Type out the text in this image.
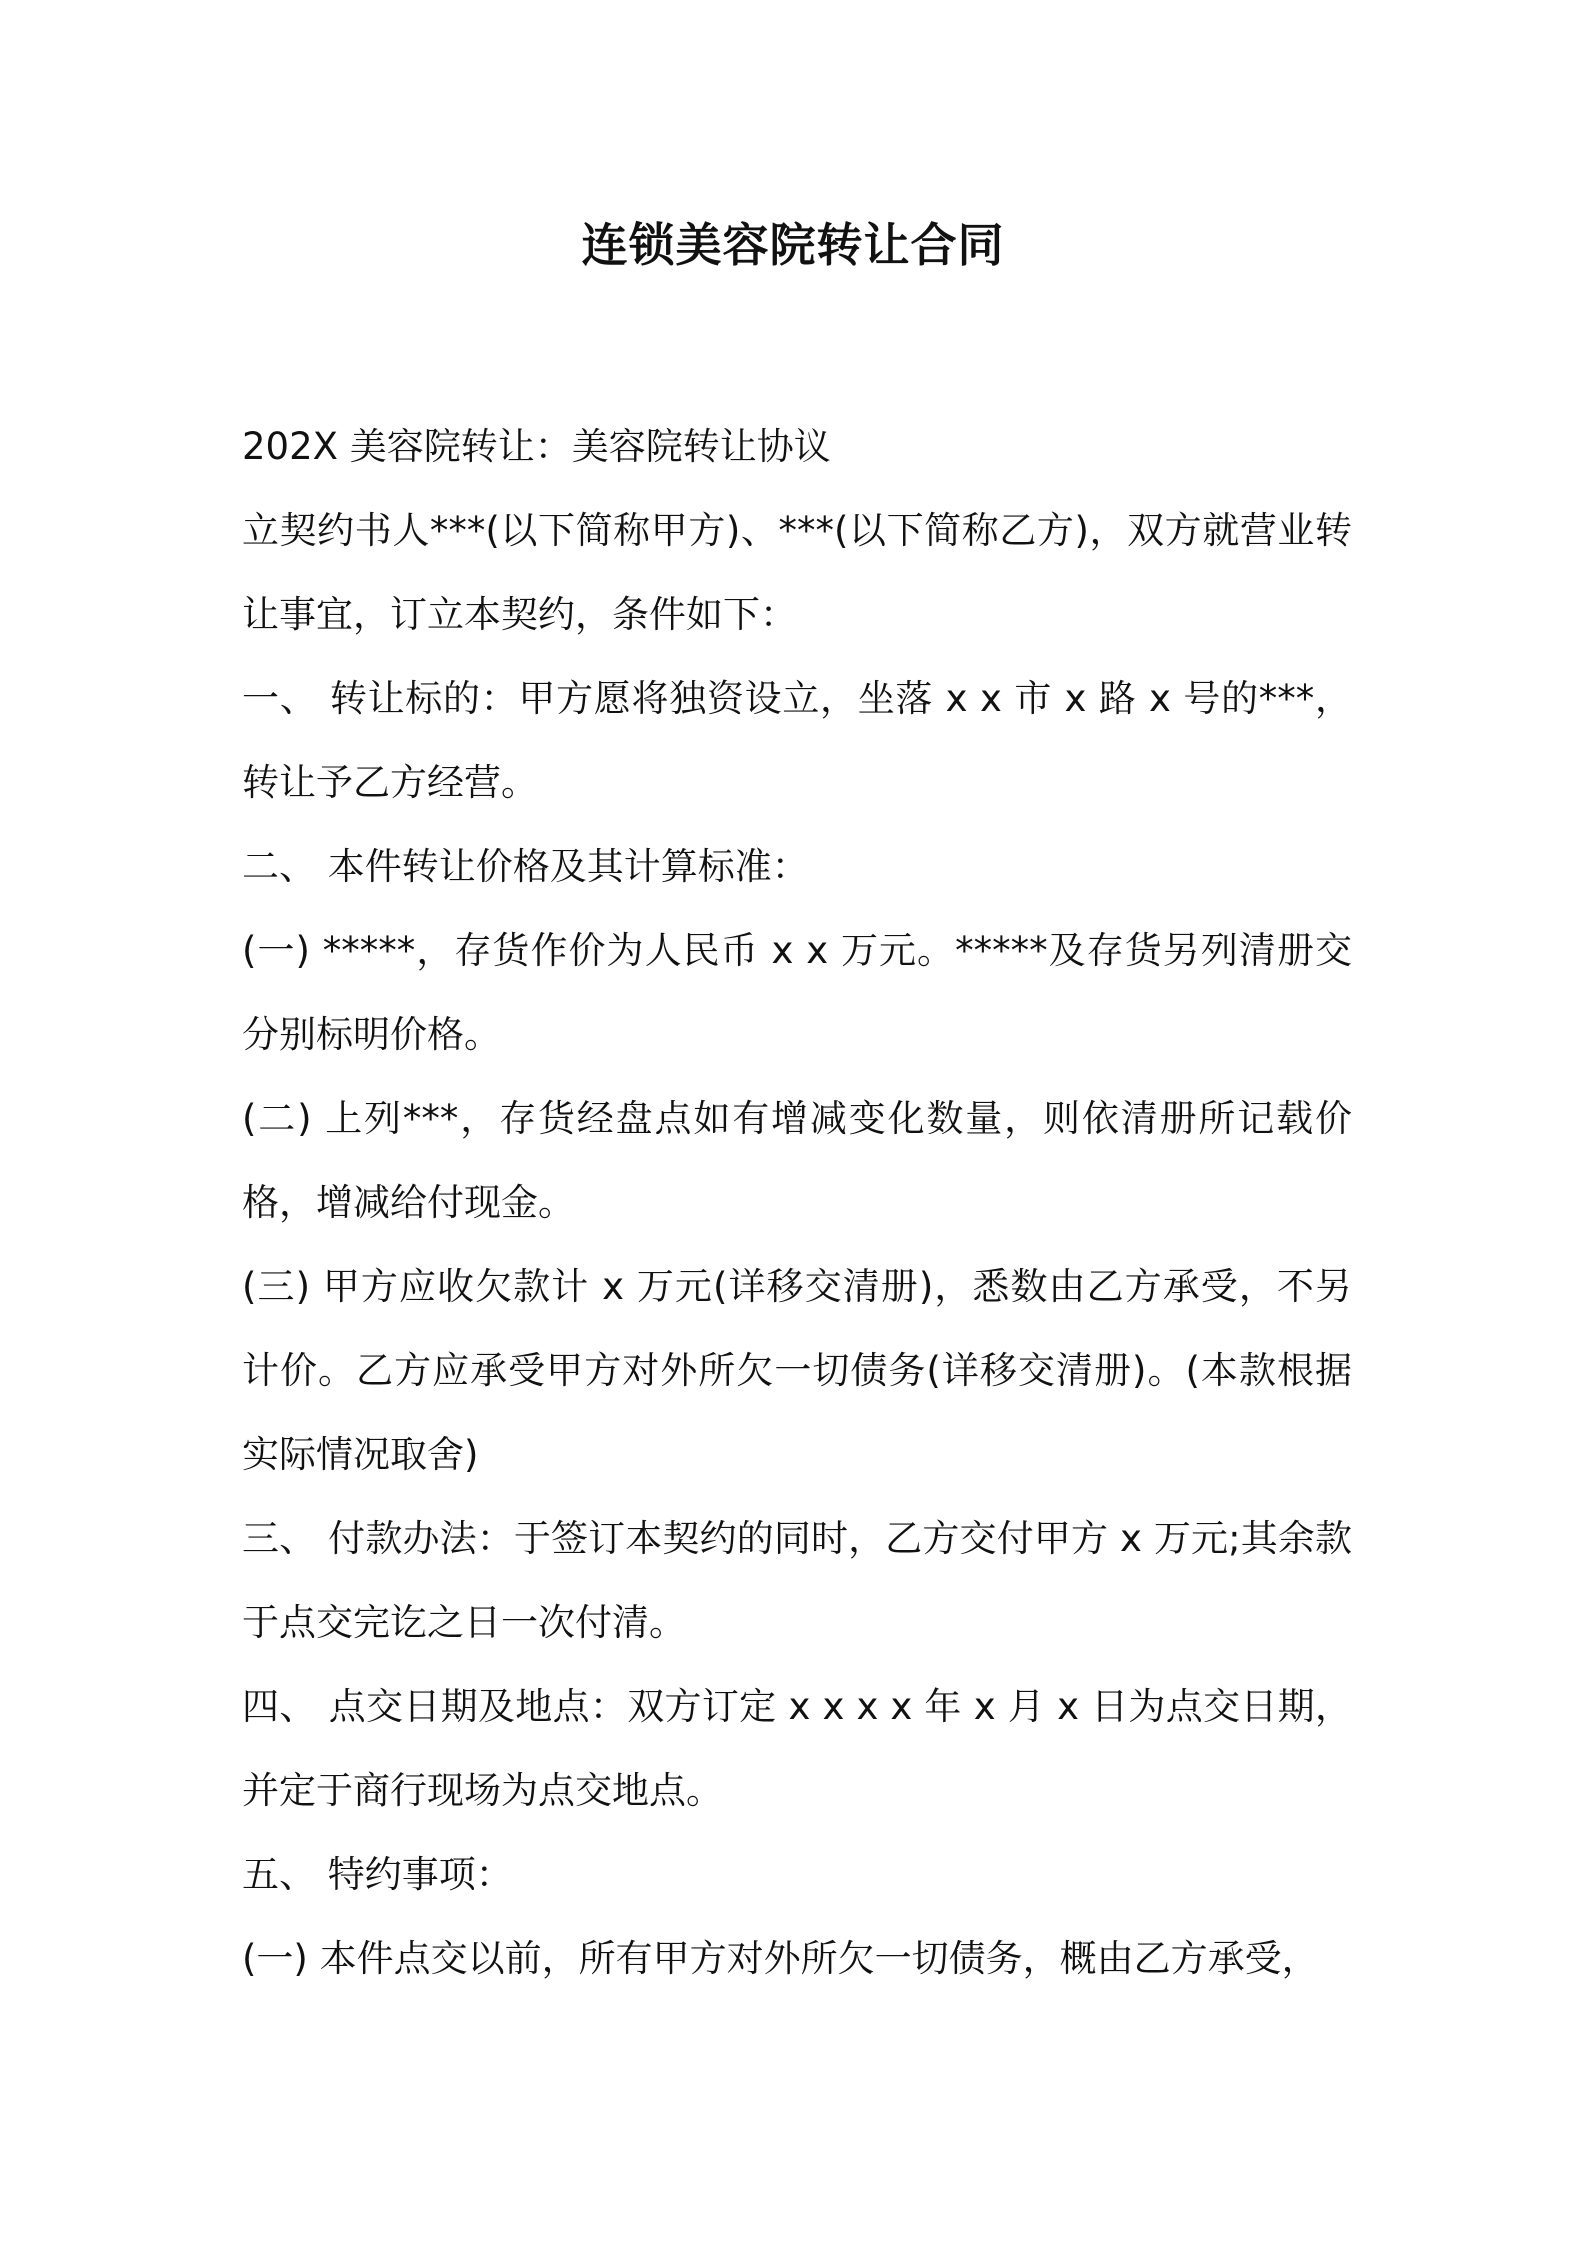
连锁美容院转让合同

202X 美容院转让：美容院转让协议

立契约书人***(以下简称甲方)、***(以下简称乙方)，双方就营业转让事宜，订立本契约，条件如下：

一、 转让标的：甲方愿将独资设立，坐落 x x 市 x 路 x 号的***，转让予乙方经营。

二、 本件转让价格及其计算标准：

(一) *****，存货作价为人民币 x x 万元。*****及存货另列清册交分别标明价格。

(二) 上列***，存货经盘点如有增减变化数量，则依清册所记载价格，增减给付现金。

(三) 甲方应收欠款计 x 万元(详移交清册)，悉数由乙方承受，不另计价。乙方应承受甲方对外所欠一切债务(详移交清册)。(本款根据实际情况取舍)

三、 付款办法：于签订本契约的同时，乙方交付甲方 x 万元;其余款于点交完讫之日一次付清。

四、 点交日期及地点：双方订定 x x x x 年 x 月 x 日为点交日期，并定于商行现场为点交地点。

五、 特约事项：

(一) 本件点交以前，所有甲方对外所欠一切债务，概由乙方承受，
